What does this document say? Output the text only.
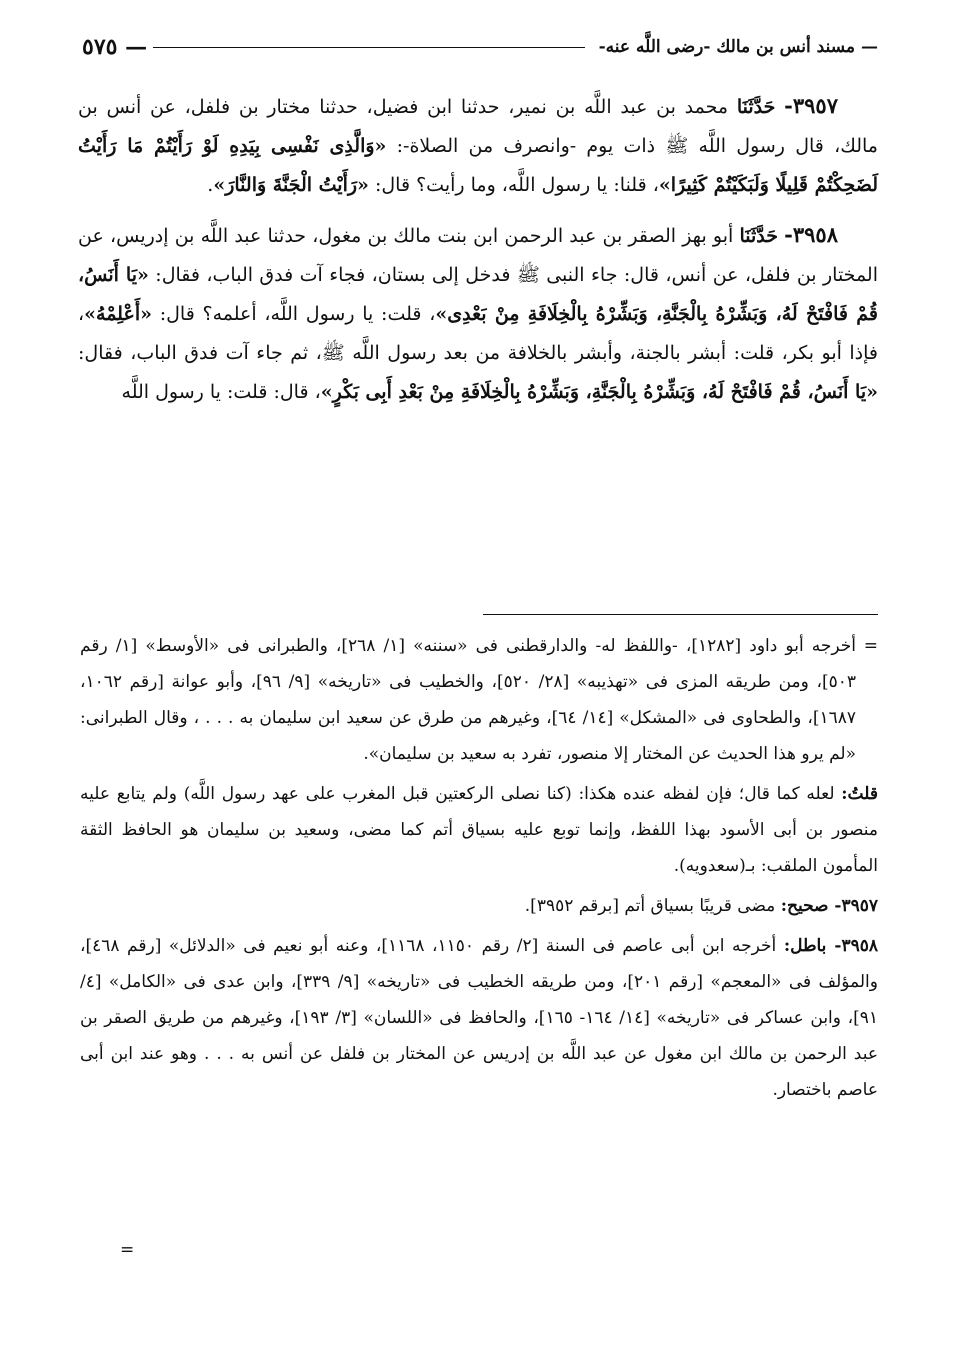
—
مسند أنس بن مالك -رضى اللَّه عنه-
— ٥٧٥

٣٩٥٧- حَدَّثَنَا محمد بن عبد اللَّه بن نمير، حدثنا ابن فضيل، حدثنا مختار بن فلفل، عن أنس بن مالك، قال رسول اللَّه ﷺ ذات يوم -وانصرف من الصلاة-: «وَالَّذِى نَفْسِى بِيَدِهِ لَوْ رَأَيْتُمْ مَا رَأَيْتُ لَضَحِكْتُمْ قَلِيلًا وَلَبَكَيْتُمْ كَثِيرًا»، قلنا: يا رسول اللَّه، وما رأيت؟ قال: «رَأَيْتُ الْجَنَّةَ وَالنَّارَ».

٣٩٥٨- حَدَّثَنَا أبو بهز الصقر بن عبد الرحمن ابن بنت مالك بن مغول، حدثنا عبد اللَّه بن إدريس، عن المختار بن فلفل، عن أنس، قال: جاء النبى ﷺ فدخل إلى بستان، فجاء آت فدق الباب، فقال: «يَا أَنَسُ، قُمْ فَافْتَحْ لَهُ، وَبَشِّرْهُ بِالْجَنَّةِ، وَبَشِّرْهُ بِالْخِلَافَةِ مِنْ بَعْدِى»، قلت: يا رسول اللَّه، أعلمه؟ قال: «أَعْلِمْهُ»، فإذا أبو بكر، قلت: أبشر بالجنة، وأبشر بالخلافة من بعد رسول اللَّه ﷺ، ثم جاء آت فدق الباب، فقال: «يَا أَنَسُ، قُمْ فَافْتَحْ لَهُ، وَبَشِّرْهُ بِالْجَنَّةِ، وَبَشِّرْهُ بِالْخِلَافَةِ مِنْ بَعْدِ أَبِى بَكْرٍ»، قال: قلت: يا رسول اللَّه

=
أخرجه أبو داود [١٢٨٢]، -واللفظ له- والدارقطنى فى «سننه» [١/ ٢٦٨]، والطبرانى فى «الأوسط» [١/ رقم ٥٠٣]، ومن طريقه المزى فى «تهذيبه» [٢٨/ ٥٢٠]، والخطيب فى «تاريخه» [٩/ ٩٦]، وأبو عوانة [رقم ١٠٦٢، ١٦٨٧]، والطحاوى فى «المشكل» [١٤/ ٦٤]، وغيرهم من طرق عن سعيد ابن سليمان به . . . ، وقال الطبرانى: «لم يرو هذا الحديث عن المختار إلا منصور، تفرد به سعيد بن سليمان».

قلتُ: لعله كما قال؛ فإن لفظه عنده هكذا: (كنا نصلى الركعتين قبل المغرب على عهد رسول اللَّه) ولم يتابع عليه منصور بن أبى الأسود بهذا اللفظ، وإنما توبع عليه بسياق أتم كما مضى، وسعيد بن سليمان هو الحافظ الثقة المأمون الملقب: بـ(سعدويه).

٣٩٥٧- صحيح: مضى قريبًا بسياق أتم [برقم ٣٩٥٢].

٣٩٥٨- باطل: أخرجه ابن أبى عاصم فى السنة [٢/ رقم ١١٥٠، ١١٦٨]، وعنه أبو نعيم فى «الدلائل» [رقم ٤٦٨]، والمؤلف فى «المعجم» [رقم ٢٠١]، ومن طريقه الخطيب فى «تاريخه» [٩/ ٣٣٩]، وابن عدى فى «الكامل» [٤/ ٩١]، وابن عساكر فى «تاريخه» [١٤/ ١٦٤- ١٦٥]، والحافظ فى «اللسان» [٣/ ١٩٣]، وغيرهم من طريق الصقر بن عبد الرحمن بن مالك ابن مغول عن عبد اللَّه بن إدريس عن المختار بن فلفل عن أنس به . . . وهو عند ابن أبى عاصم باختصار.

=
